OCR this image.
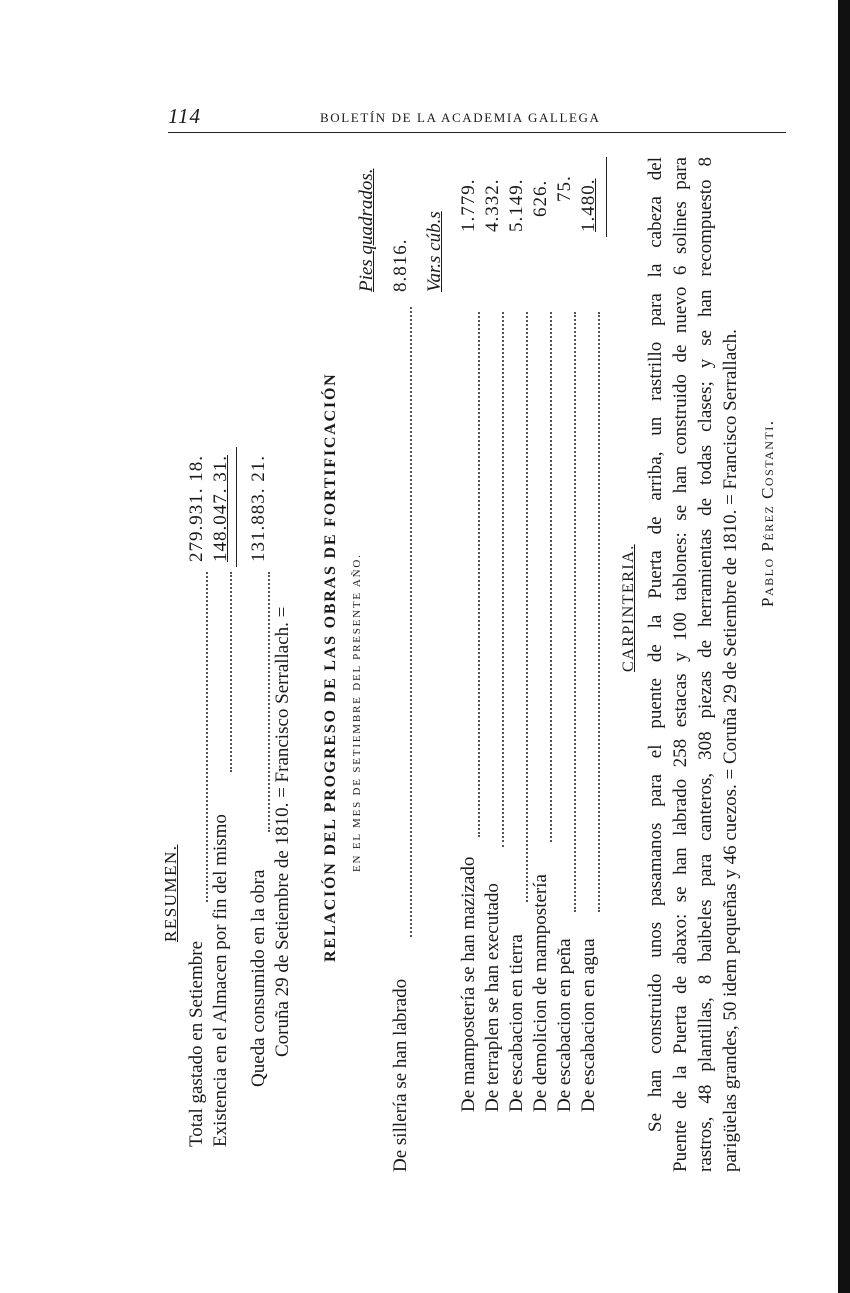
114	BOLETÍN DE LA ACADEMIA GALLEGA
RESUMEN.
Total gastado en Setiembre
279.931. 18.
Existencia en el Almacen por fin del mismo
148.047. 31.
Queda consumido en la obra
131.883. 21.
Coruña 29 de Setiembre de 1810. = Francisco Serrallach. = RELACIÓN DEL PROGRESO DE LAS OBRAS DE FORTIFICACIÓN	EN EL MES DE SETIEMBRE DEL PRESENTE AÑO.
Pies quadrados.
De sillería se han labrado
8.816. Var.s cúb.s
De mampostería se han mazizado
1.779.
De terraplen se han executado
4.332.
De escabacion en tierra
5.149.
De demolicion de mampostería
626.
De escabacion en peña
75.
De escabacion en agua
1.480.
CARPINTERIA. Se han construido unos pasamanos para el puente de la Puerta de arriba, un rastrillo para la cabeza del Puente de la Puerta de abaxo: se han labrado 258 estacas y 100 tablones: se han construido de nuevo 6 solines para rastros, 48 plantillas, 8 baibeles para canteros, 308 piezas de herramientas de todas clases; y se han recompuesto 8 parigüelas grandes, 50 idem pequeñas y 46 cuezos. = Coruña 29 de Setiembre de 1810. = Francisco Serrallach. Pablo Pérez Costanti.
